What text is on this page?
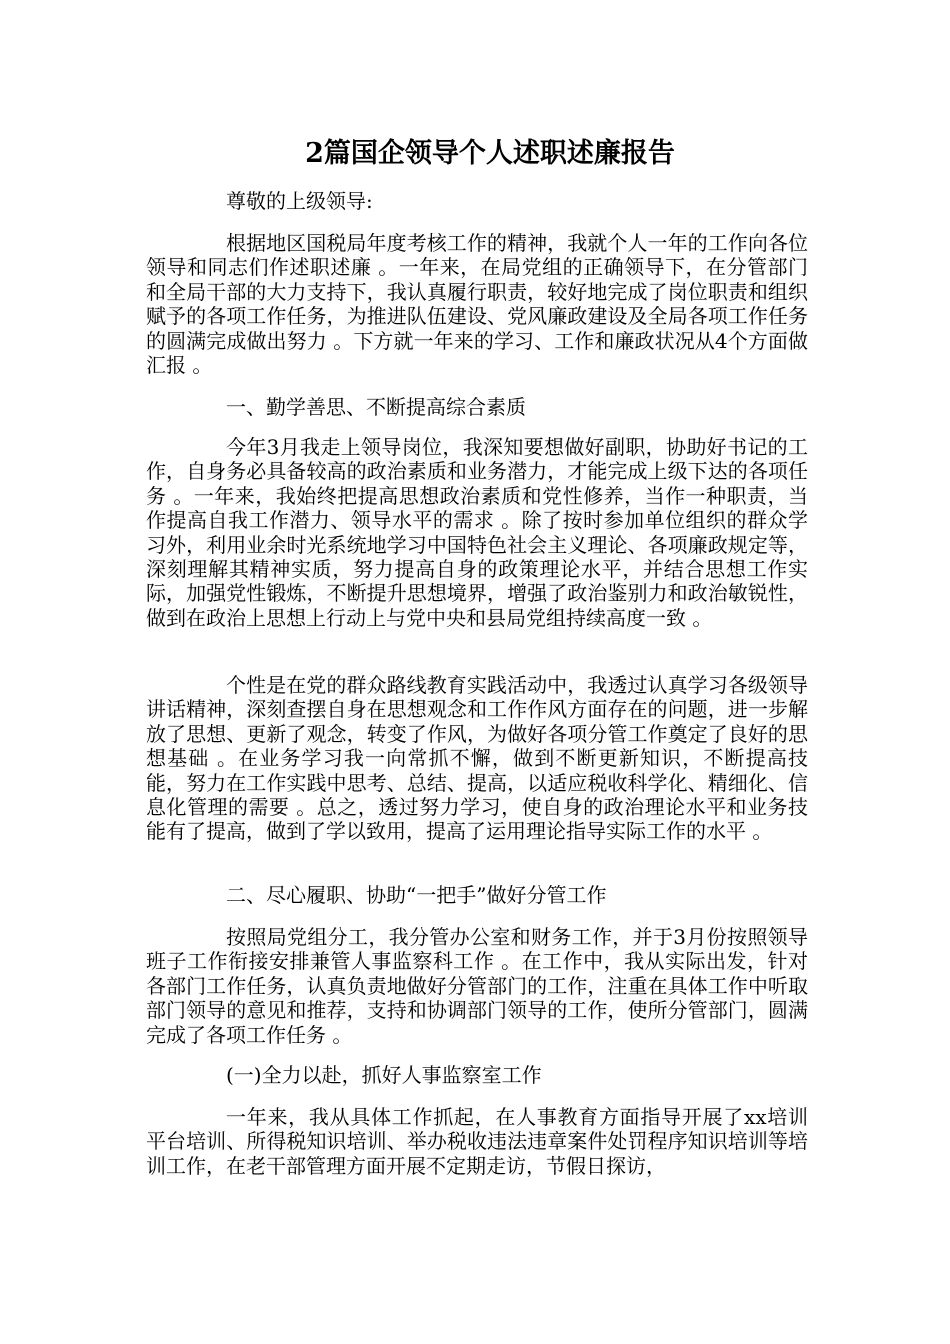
2篇国企领导个人述职述廉报告

尊敬的上级领导:

根据地区国税局年度考核工作的精神，我就个人一年的工作向各位领导和同志们作述职述廉 。一年来，在局党组的正确领导下，在分管部门和全局干部的大力支持下，我认真履行职责，较好地完成了岗位职责和组织赋予的各项工作任务，为推进队伍建设、党风廉政建设及全局各项工作任务的圆满完成做出努力 。下方就一年来的学习、工作和廉政状况从4个方面做汇报 。

一、勤学善思、不断提高综合素质

今年3月我走上领导岗位，我深知要想做好副职，协助好书记的工作，自身务必具备较高的政治素质和业务潜力，才能完成上级下达的各项任务 。一年来，我始终把提高思想政治素质和党性修养，当作一种职责，当作提高自我工作潜力、领导水平的需求 。除了按时参加单位组织的群众学习外，利用业余时光系统地学习中国特色社会主义理论、各项廉政规定等，深刻理解其精神实质，努力提高自身的政策理论水平，并结合思想工作实际，加强党性锻炼，不断提升思想境界，增强了政治鉴别力和政治敏锐性，做到在政治上思想上行动上与党中央和县局党组持续高度一致 。

个性是在党的群众路线教育实践活动中，我透过认真学习各级领导讲话精神，深刻查摆自身在思想观念和工作作风方面存在的问题，进一步解放了思想、更新了观念，转变了作风，为做好各项分管工作奠定了良好的思想基础 。在业务学习我一向常抓不懈，做到不断更新知识，不断提高技能，努力在工作实践中思考、总结、提高，以适应税收科学化、精细化、信息化管理的需要 。总之，透过努力学习，使自身的政治理论水平和业务技能有了提高，做到了学以致用，提高了运用理论指导实际工作的水平 。

二、尽心履职、协助“一把手”做好分管工作

按照局党组分工，我分管办公室和财务工作，并于3月份按照领导班子工作衔接安排兼管人事监察科工作 。在工作中，我从实际出发，针对各部门工作任务，认真负责地做好分管部门的工作，注重在具体工作中听取部门领导的意见和推荐，支持和协调部门领导的工作，使所分管部门，圆满完成了各项工作任务 。

(一)全力以赴，抓好人事监察室工作

一年来，我从具体工作抓起，在人事教育方面指导开展了xx培训平台培训、所得税知识培训、举办税收违法违章案件处罚程序知识培训等培训工作，在老干部管理方面开展不定期走访，节假日探访，
